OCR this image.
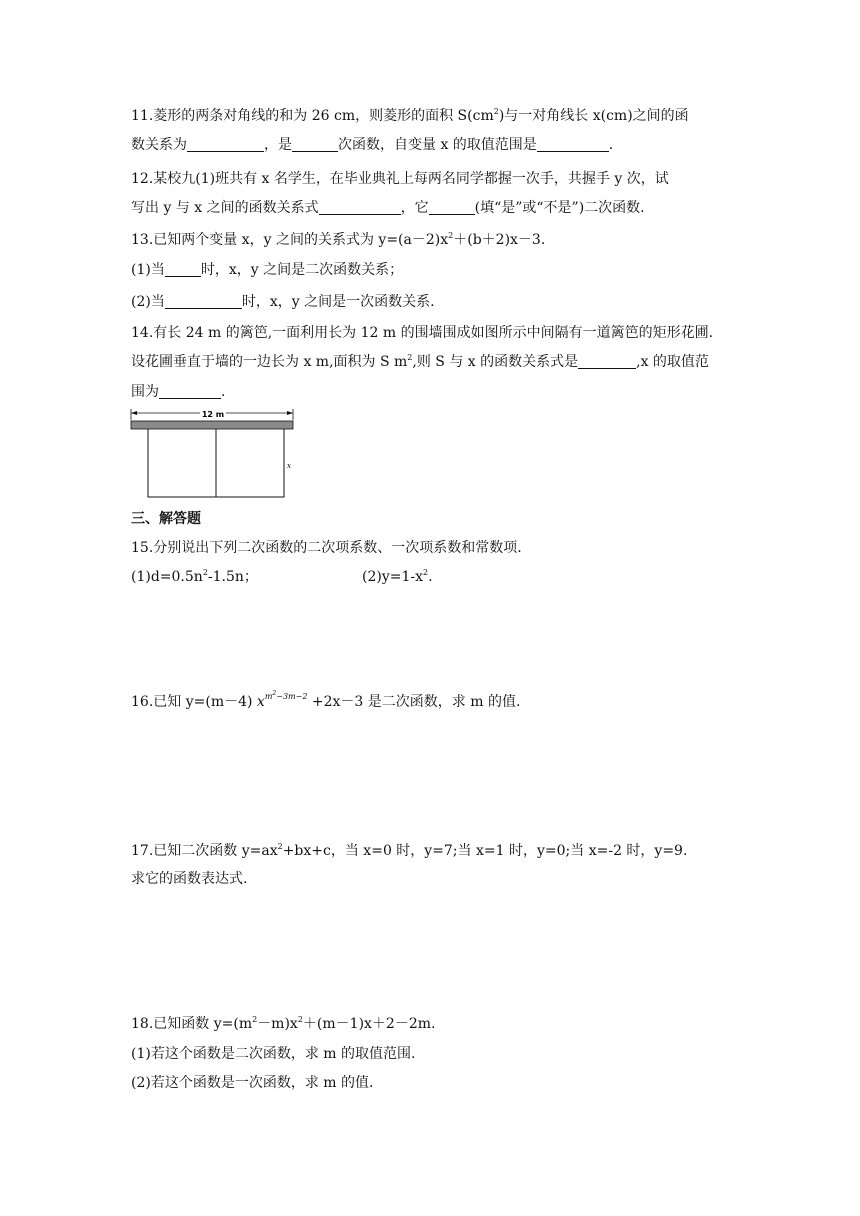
11.菱形的两条对角线的和为 26 cm，则菱形的面积 $S(cm^2)$与一对角线长 x(cm)之间的函
数关系为	，是	次函数，自变量 x 的取值范围是	.
12.某校九(1)班共有 x 名学生，在毕业典礼上每两名同学都握一次手，共握手 y 次，试
写出 y 与 x 之间的函数关系式	，它	(填“是”或“不是”)二次函数.
13.已知两个变量 x，y 之间的关系式为 $y=(a-2)x^2+(b+2)x-3$.
(1)当	时，x，y 之间是二次函数关系；
(2)当	时，x，y 之间是一次函数关系.
14.有长 24 m 的篱笆,一面利用长为 12 m 的围墙围成如图所示中间隔有一道篱笆的矩形花圃.
设花圃垂直于墙的一边长为 x m,面积为 S $m^2$,则 S 与 x 的函数关系式是	,x 的取值范
围为	.
12 m
x
三、解答题
15.分别说出下列二次函数的二次项系数、一次项系数和常数项.
$(1)d=0.5n^2-1.5n$；	$(2)y=1-x^2$.
16.已知 y=(m－4) $x^{m^2-3m-2} +2x-3$ 是二次函数，求 m 的值.
17.已知二次函数 $y=ax^2+bx+c$，当 x=0 时，y=7;当 x=1 时，y=0;当 x=-2 时，y=9.
求它的函数表达式.
18.已知函数 $y=(m^2-m)x^2+(m-1)x+2-2m$.
(1)若这个函数是二次函数，求 m 的取值范围.
(2)若这个函数是一次函数，求 m 的值.
